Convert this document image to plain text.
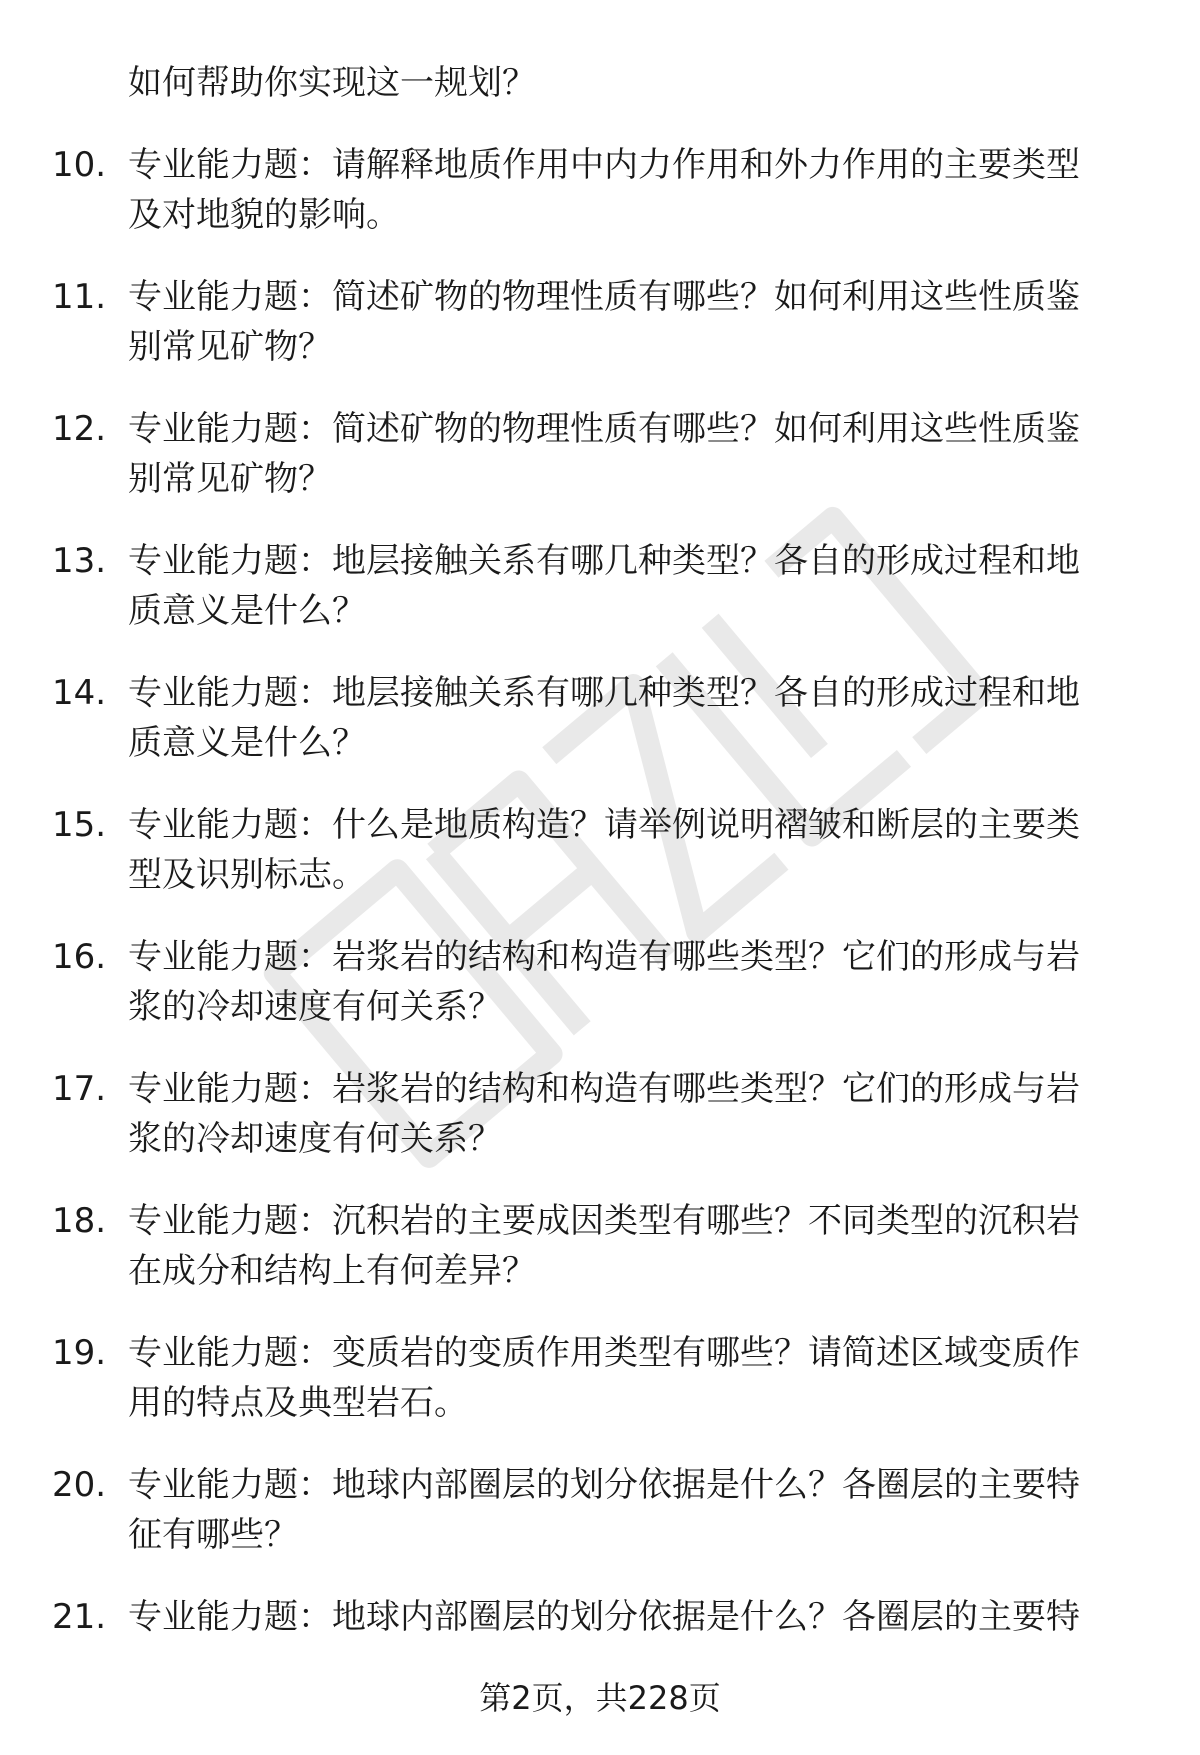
如何帮助你实现这一规划？
10. 专业能力题：请解释地质作用中内力作用和外力作用的主要类型
及对地貌的影响。
11. 专业能力题：简述矿物的物理性质有哪些？如何利用这些性质鉴
别常见矿物？
12. 专业能力题：简述矿物的物理性质有哪些？如何利用这些性质鉴
别常见矿物？
13. 专业能力题：地层接触关系有哪几种类型？各自的形成过程和地
质意义是什么？
14. 专业能力题：地层接触关系有哪几种类型？各自的形成过程和地
质意义是什么？
15. 专业能力题：什么是地质构造？请举例说明褶皱和断层的主要类
型及识别标志。
16. 专业能力题：岩浆岩的结构和构造有哪些类型？它们的形成与岩
浆的冷却速度有何关系？
17. 专业能力题：岩浆岩的结构和构造有哪些类型？它们的形成与岩
浆的冷却速度有何关系？
18. 专业能力题：沉积岩的主要成因类型有哪些？不同类型的沉积岩
在成分和结构上有何差异？
19. 专业能力题：变质岩的变质作用类型有哪些？请简述区域变质作
用的特点及典型岩石。
20. 专业能力题：地球内部圈层的划分依据是什么？各圈层的主要特
征有哪些？
21. 专业能力题：地球内部圈层的划分依据是什么？各圈层的主要特
第2页，共228页
